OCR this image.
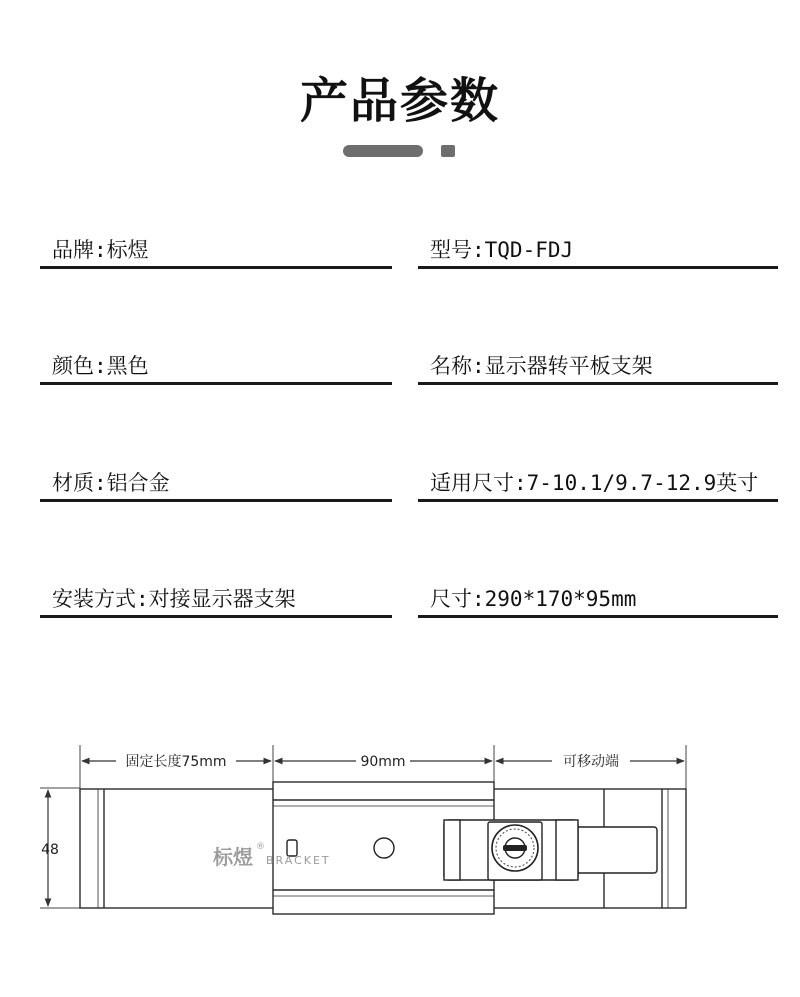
产品参数
品牌:标煜	型号:TQD-FDJ
颜色:黑色	名称:显示器转平板支架
材质:铝合金	适用尺寸:7-10.1/9.7-12.9英寸
安装方式:对接显示器支架	尺寸:290*170*95mm
固定长度75mm	90mm	可移动端
48	标煜 ®
BRACKET
